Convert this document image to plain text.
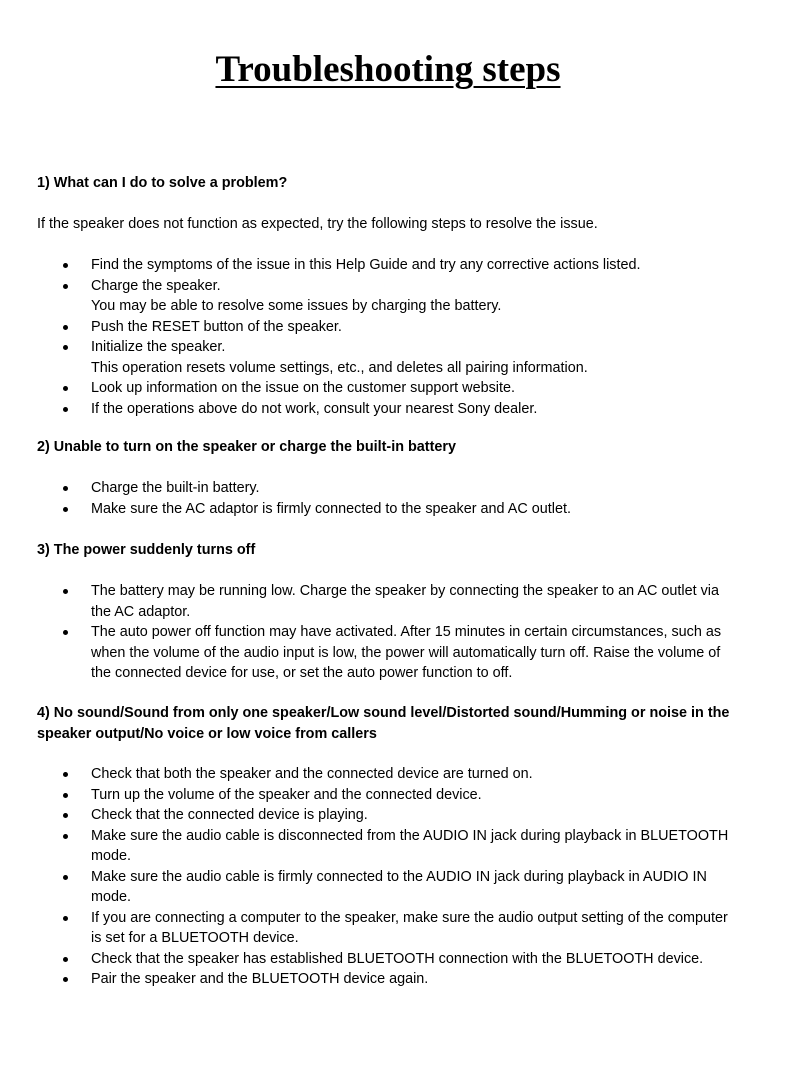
Troubleshooting steps

1) What can I do to solve a problem?

If the speaker does not function as expected, try the following steps to resolve the issue.

Find the symptoms of the issue in this Help Guide and try any corrective actions listed.
Charge the speaker.
You may be able to resolve some issues by charging the battery.
Push the RESET button of the speaker.
Initialize the speaker.
This operation resets volume settings, etc., and deletes all pairing information.
Look up information on the issue on the customer support website.
If the operations above do not work, consult your nearest Sony dealer.

2) Unable to turn on the speaker or charge the built-in battery

Charge the built-in battery.
Make sure the AC adaptor is firmly connected to the speaker and AC outlet.

3) The power suddenly turns off

The battery may be running low. Charge the speaker by connecting the speaker to an AC outlet via the AC adaptor.
The auto power off function may have activated. After 15 minutes in certain circumstances, such as when the volume of the audio input is low, the power will automatically turn off. Raise the volume of the connected device for use, or set the auto power function to off.

4) No sound/Sound from only one speaker/Low sound level/Distorted sound/Humming or noise in the speaker output/No voice or low voice from callers

Check that both the speaker and the connected device are turned on.
Turn up the volume of the speaker and the connected device.
Check that the connected device is playing.
Make sure the audio cable is disconnected from the AUDIO IN jack during playback in BLUETOOTH mode.
Make sure the audio cable is firmly connected to the AUDIO IN jack during playback in AUDIO IN mode.
If you are connecting a computer to the speaker, make sure the audio output setting of the computer is set for a BLUETOOTH device.
Check that the speaker has established BLUETOOTH connection with the BLUETOOTH device.
Pair the speaker and the BLUETOOTH device again.
